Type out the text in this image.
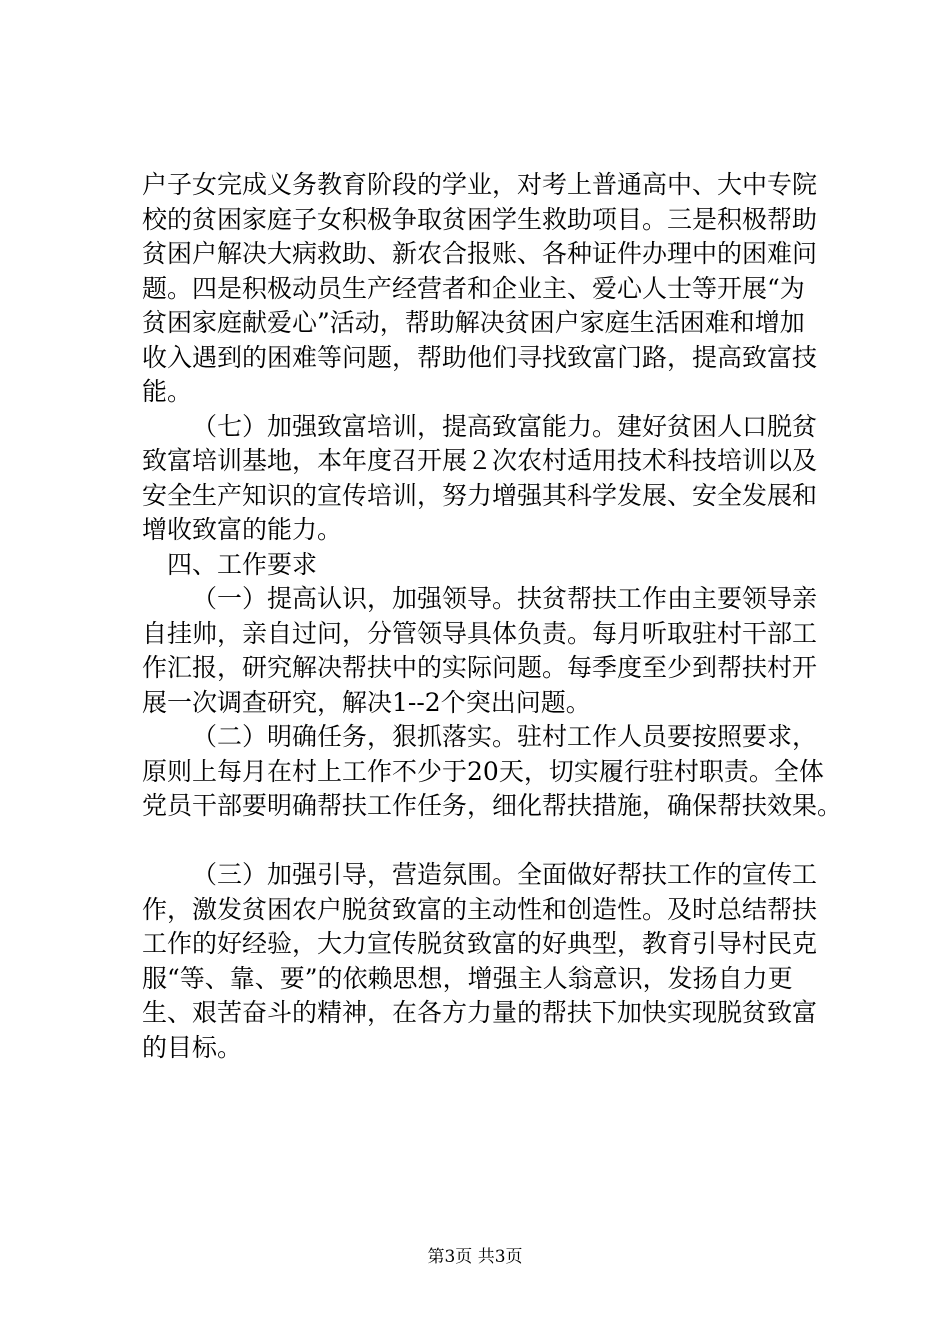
户子女完成义务教育阶段的学业，对考上普通高中、大中专院
校的贫困家庭子女积极争取贫困学生救助项目。三是积极帮助
贫困户解决大病救助、新农合报账、各种证件办理中的困难问
题。四是积极动员生产经营者和企业主、爱心人士等开展“为
贫困家庭献爱心”活动，帮助解决贫困户家庭生活困难和增加
收入遇到的困难等问题，帮助他们寻找致富门路，提高致富技
能。
（七）加强致富培训，提高致富能力。建好贫困人口脱贫
致富培训基地，本年度召开展２次农村适用技术科技培训以及
安全生产知识的宣传培训，努力增强其科学发展、安全发展和
增收致富的能力。
四、工作要求
（一）提高认识，加强领导。扶贫帮扶工作由主要领导亲
自挂帅，亲自过问，分管领导具体负责。每月听取驻村干部工
作汇报，研究解决帮扶中的实际问题。每季度至少到帮扶村开
展一次调查研究，解决1--2个突出问题。
（二）明确任务，狠抓落实。驻村工作人员要按照要求，
原则上每月在村上工作不少于20天，切实履行驻村职责。全体
党员干部要明确帮扶工作任务，细化帮扶措施，确保帮扶效果。
（三）加强引导，营造氛围。全面做好帮扶工作的宣传工
作，激发贫困农户脱贫致富的主动性和创造性。及时总结帮扶
工作的好经验，大力宣传脱贫致富的好典型，教育引导村民克
服“等、靠、要”的依赖思想，增强主人翁意识，发扬自力更
生、艰苦奋斗的精神，在各方力量的帮扶下加快实现脱贫致富
的目标。
第3页 共3页
